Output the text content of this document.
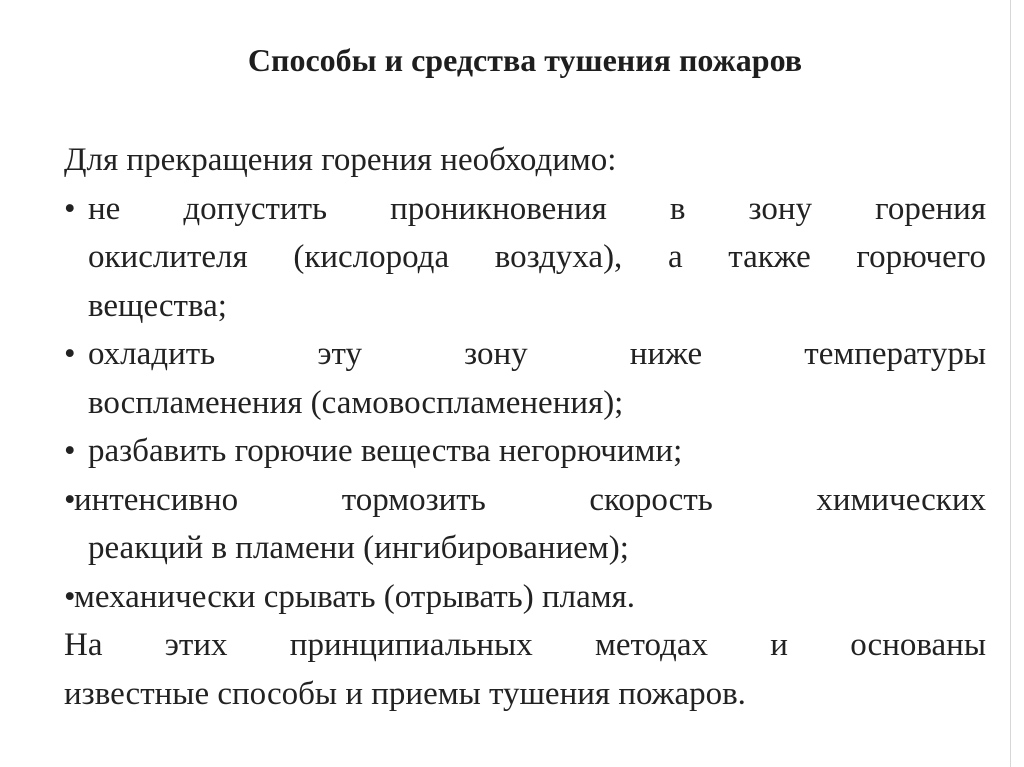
Способы и средства тушения пожаров
Для прекращения горения необходимо:
• не допустить проникновения в зону горения
окислителя (кислорода воздуха), а также горючего
вещества;
• охладить эту зону ниже температуры
воспламенения (самовоспламенения);
• разбавить горючие вещества негорючими;
•
интенсивно тормозить скорость химических
реакций в пламени (ингибированием);
•
механически срывать (отрывать) пламя.
На этих принципиальных методах и основаны
известные способы и приемы тушения пожаров.
